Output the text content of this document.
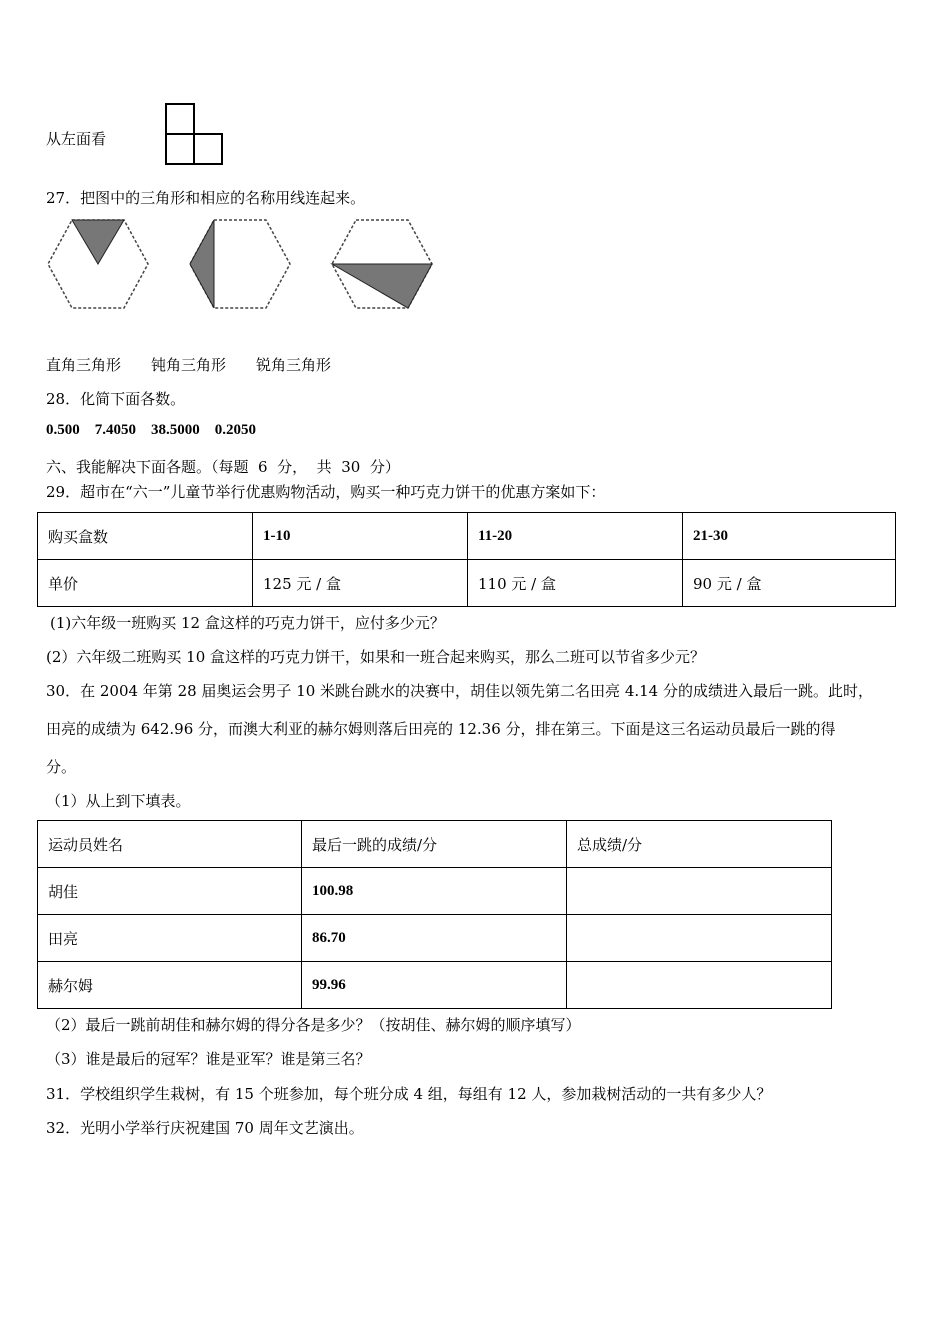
从左面看
27．把图中的三角形和相应的名称用线连起来。
直角三角形 钝角三角形 锐角三角形
28．化简下面各数。
0.500 7.4050 38.5000 0.2050
六、我能解决下面各题。（每题  6  分，  共  30  分）
29．超市在“六一”儿童节举行优惠购物活动，购买一种巧克力饼干的优惠方案如下：
购买盒数	1-10	11-20	21-30
单价	125 元 / 盒	110 元 / 盒	90 元 / 盒
(1)六年级一班购买 12 盒这样的巧克力饼干，应付多少元？
(2）六年级二班购买 10 盒这样的巧克力饼干，如果和一班合起来购买，那么二班可以节省多少元？
30．在 2004 年第 28 届奥运会男子 10 米跳台跳水的决赛中，胡佳以领先第二名田亮 4.14 分的成绩进入最后一跳。此时，
田亮的成绩为 642.96 分，而澳大利亚的赫尔姆则落后田亮的 12.36 分，排在第三。下面是这三名运动员最后一跳的得
分。
（1）从上到下填表。
运动员姓名	最后一跳的成绩/分	总成绩/分
胡佳	100.98	
田亮	86.70	
赫尔姆	99.96	
（2）最后一跳前胡佳和赫尔姆的得分各是多少？（按胡佳、赫尔姆的顺序填写）
（3）谁是最后的冠军？谁是亚军？谁是第三名？
31．学校组织学生栽树，有 15 个班参加，每个班分成 4 组，每组有 12 人，参加栽树活动的一共有多少人？
32．光明小学举行庆祝建国 70 周年文艺演出。
